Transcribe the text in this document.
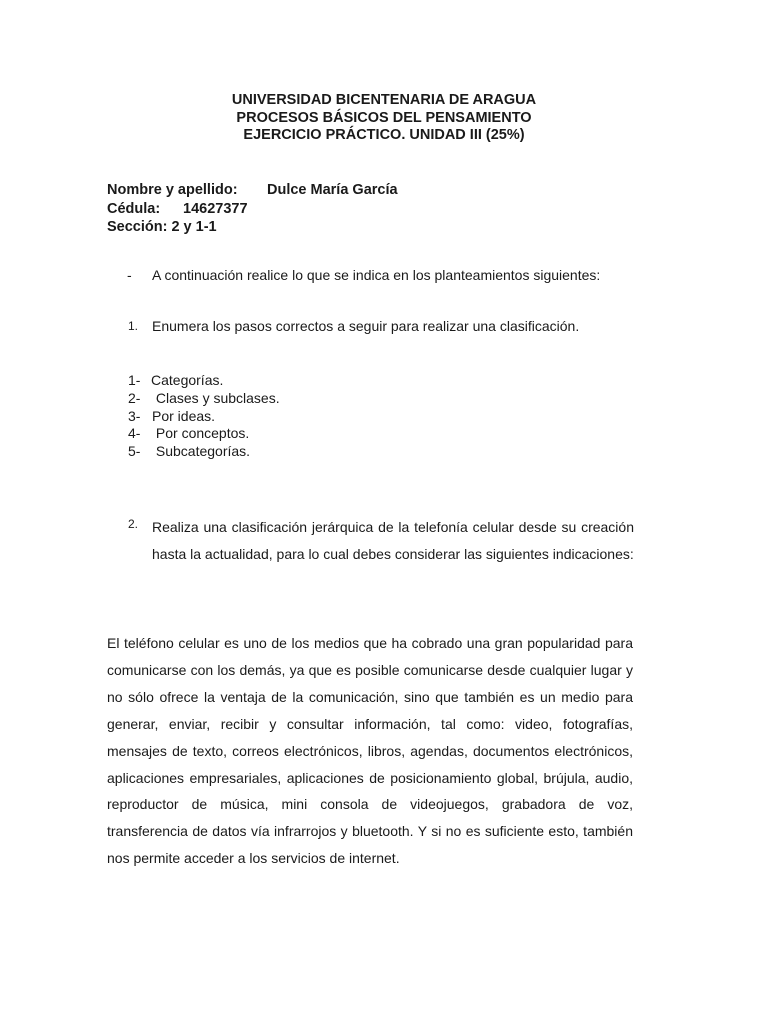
UNIVERSIDAD BICENTENARIA DE ARAGUA
PROCESOS BÁSICOS DEL PENSAMIENTO
EJERCICIO PRÁCTICO. UNIDAD III (25%)
Nombre y apellido: Dulce María García
Cédula: 14627377
Sección: 2 y 1-1
- A continuación realice lo que se indica en los planteamientos siguientes:
1. Enumera los pasos correctos a seguir para realizar una clasificación.
1- Categorías.
2- Clases y subclases.
3- Por ideas.
4- Por conceptos.
5- Subcategorías.
2. Realiza una clasificación jerárquica de la telefonía celular desde su creación hasta la actualidad, para lo cual debes considerar las siguientes indicaciones:
El teléfono celular es uno de los medios que ha cobrado una gran popularidad para comunicarse con los demás, ya que es posible comunicarse desde cualquier lugar y no sólo ofrece la ventaja de la comunicación, sino que también es un medio para generar, enviar, recibir y consultar información, tal como: video, fotografías, mensajes de texto, correos electrónicos, libros, agendas, documentos electrónicos, aplicaciones empresariales, aplicaciones de posicionamiento global, brújula, audio, reproductor de música, mini consola de videojuegos, grabadora de voz, transferencia de datos vía infrarrojos y bluetooth. Y si no es suficiente esto, también nos permite acceder a los servicios de internet.
